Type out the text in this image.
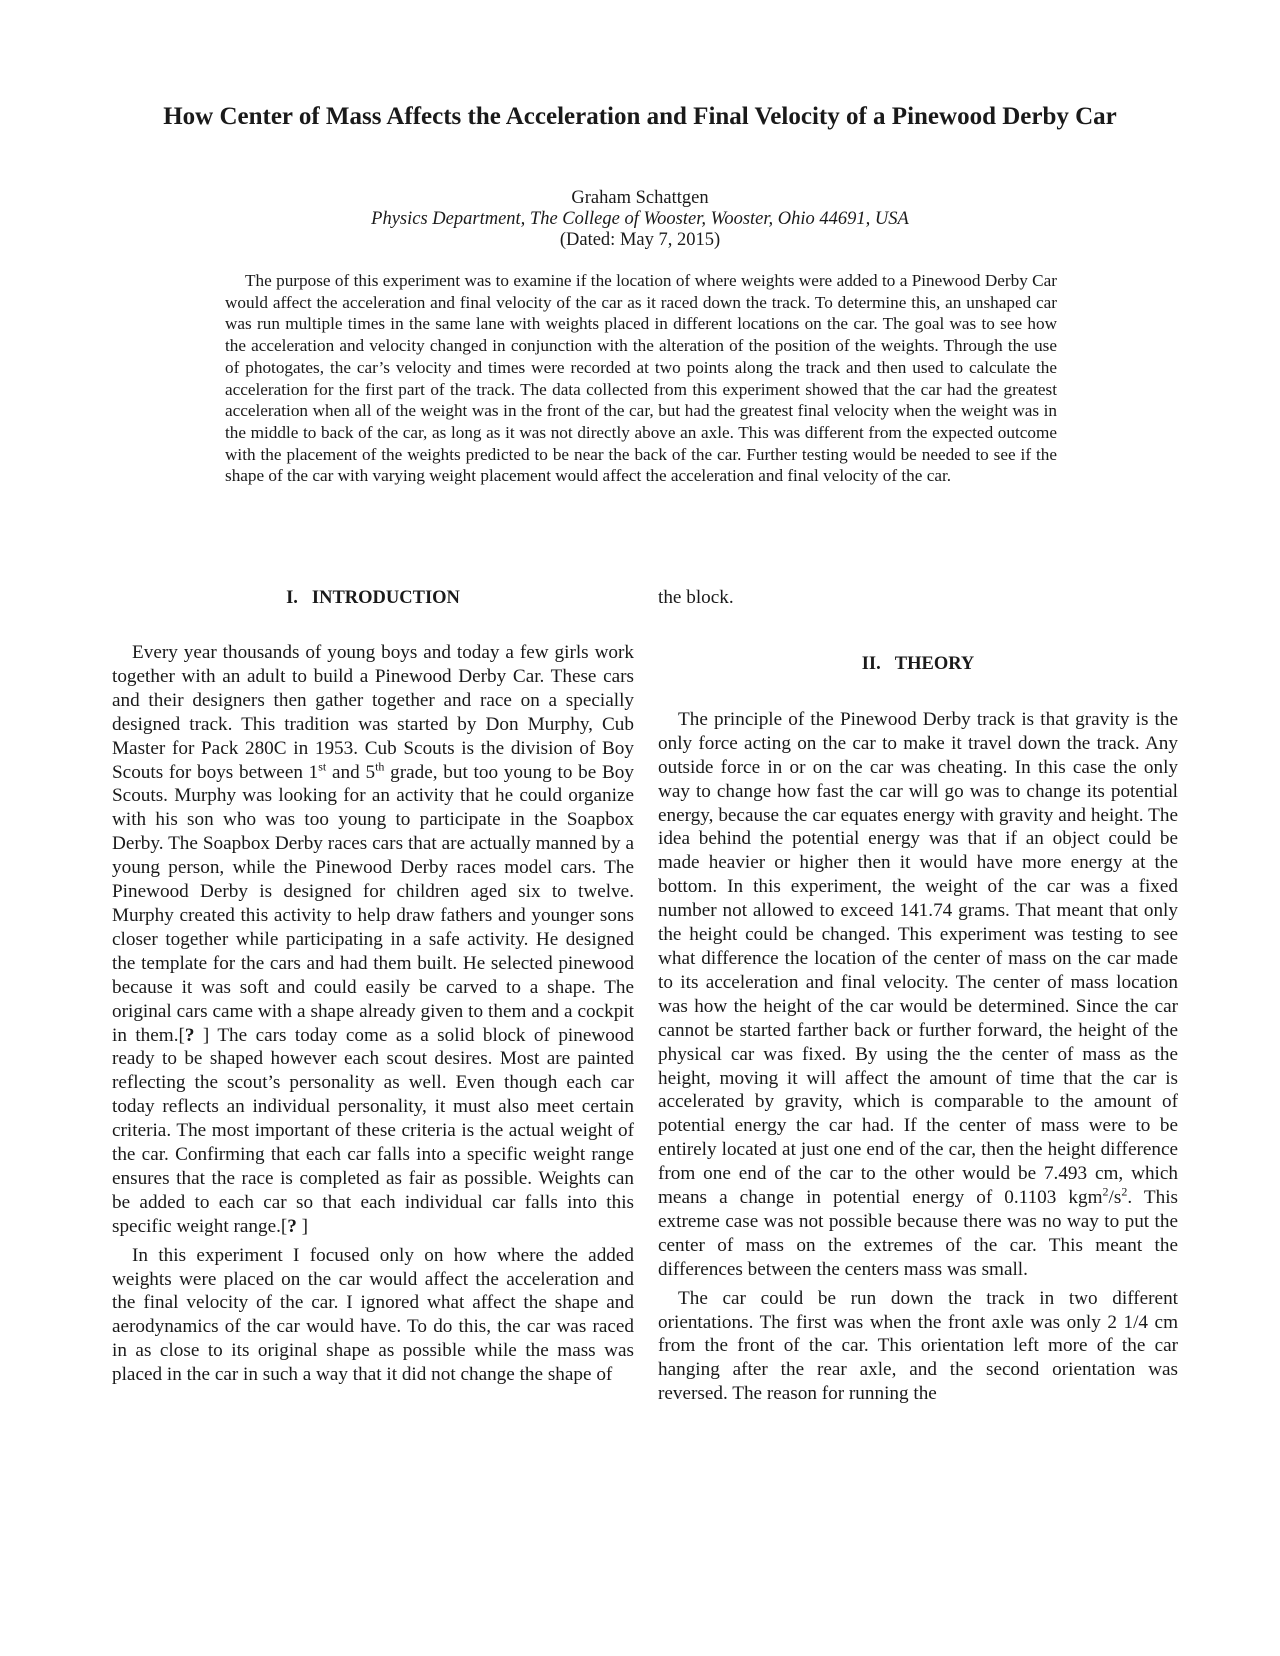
How Center of Mass Affects the Acceleration and Final Velocity of a Pinewood Derby Car
Graham Schattgen
Physics Department, The College of Wooster, Wooster, Ohio 44691, USA
(Dated: May 7, 2015)

The purpose of this experiment was to examine if the location of where weights were added to a Pinewood Derby Car would affect the acceleration and final velocity of the car as it raced down the track. To determine this, an unshaped car was run multiple times in the same lane with weights placed in different locations on the car. The goal was to see how the acceleration and velocity changed in conjunction with the alteration of the position of the weights. Through the use of photogates, the car’s velocity and times were recorded at two points along the track and then used to calculate the acceleration for the first part of the track. The data collected from this experiment showed that the car had the greatest acceleration when all of the weight was in the front of the car, but had the greatest final velocity when the weight was in the middle to back of the car, as long as it was not directly above an axle. This was different from the expected outcome with the placement of the weights predicted to be near the back of the car. Further testing would be needed to see if the shape of the car with varying weight placement would affect the acceleration and final velocity of the car.

I. INTRODUCTION

Every year thousands of young boys and today a few girls work together with an adult to build a Pinewood Derby Car. These cars and their designers then gather together and race on a specially designed track. This tradition was started by Don Murphy, Cub Master for Pack 280C in 1953. Cub Scouts is the division of Boy Scouts for boys between 1st and 5th grade, but too young to be Boy Scouts. Murphy was looking for an activity that he could organize with his son who was too young to participate in the Soapbox Derby. The Soapbox Derby races cars that are actually manned by a young person, while the Pinewood Derby races model cars. The Pinewood Derby is designed for children aged six to twelve. Murphy created this activity to help draw fathers and younger sons closer together while participating in a safe activity. He designed the template for the cars and had them built. He selected pinewood because it was soft and could easily be carved to a shape. The original cars came with a shape already given to them and a cockpit in them.[? ] The cars today come as a solid block of pinewood ready to be shaped however each scout desires. Most are painted reflecting the scout’s personality as well. Even though each car today reflects an individual personality, it must also meet certain criteria. The most important of these criteria is the actual weight of the car. Confirming that each car falls into a specific weight range ensures that the race is completed as fair as possible. Weights can be added to each car so that each individual car falls into this specific weight range.[? ]

In this experiment I focused only on how where the added weights were placed on the car would affect the acceleration and the final velocity of the car. I ignored what affect the shape and aerodynamics of the car would have. To do this, the car was raced in as close to its original shape as possible while the mass was placed in the car in such a way that it did not change the shape of

the block.

II. THEORY

The principle of the Pinewood Derby track is that gravity is the only force acting on the car to make it travel down the track. Any outside force in or on the car was cheating. In this case the only way to change how fast the car will go was to change its potential energy, because the car equates energy with gravity and height. The idea behind the potential energy was that if an object could be made heavier or higher then it would have more energy at the bottom. In this experiment, the weight of the car was a fixed number not allowed to exceed 141.74 grams. That meant that only the height could be changed. This experiment was testing to see what difference the location of the center of mass on the car made to its acceleration and final velocity. The center of mass location was how the height of the car would be determined. Since the car cannot be started farther back or further forward, the height of the physical car was fixed. By using the the center of mass as the height, moving it will affect the amount of time that the car is accelerated by gravity, which is comparable to the amount of potential energy the car had. If the center of mass were to be entirely located at just one end of the car, then the height difference from one end of the car to the other would be 7.493 cm, which means a change in potential energy of 0.1103 $kgm^2/s^2$. This extreme case was not possible because there was no way to put the center of mass on the extremes of the car. This meant the differences between the centers mass was small.

The car could be run down the track in two different orientations. The first was when the front axle was only 2 1/4 cm from the front of the car. This orientation left more of the car hanging after the rear axle, and the second orientation was reversed. The reason for running the
